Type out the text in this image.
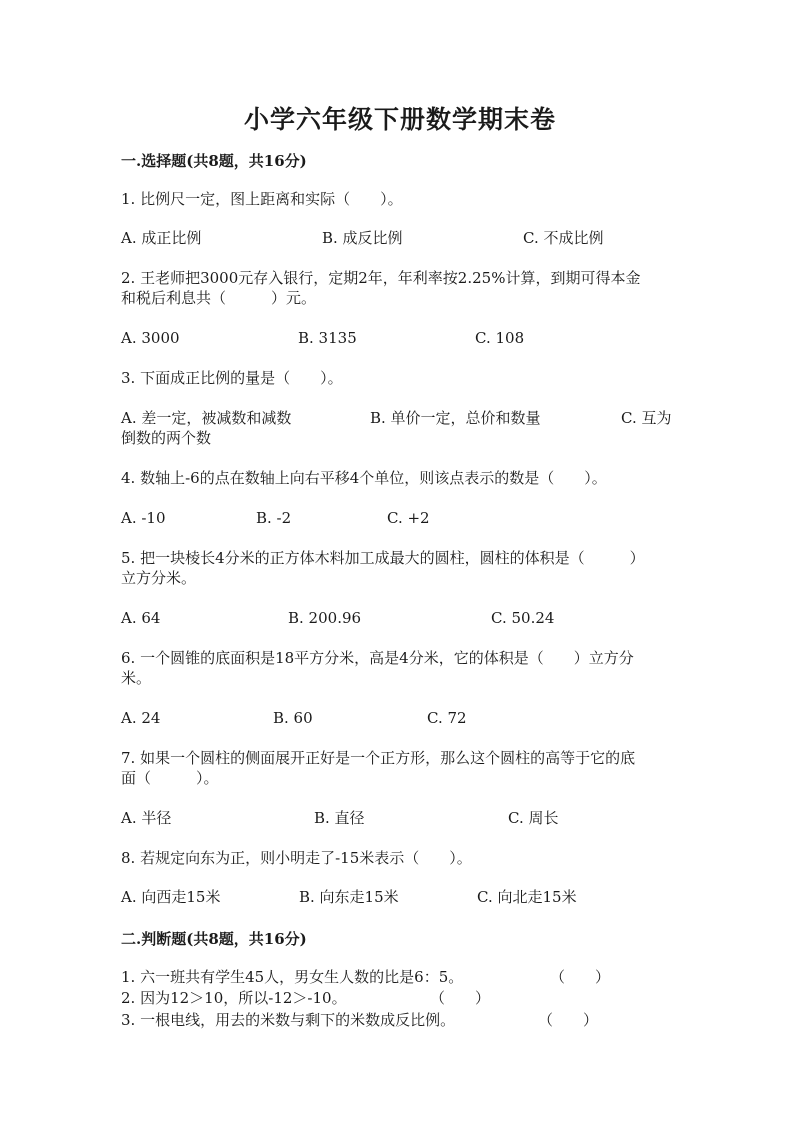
小学六年级下册数学期末卷
一.选择题(共8题，共16分)
1. 比例尺一定，图上距离和实际（　　）。
A. 成正比例	B. 成反比例	C. 不成比例
2. 王老师把3000元存入银行，定期2年，年利率按2.25%计算，到期可得本金
和税后利息共（　　　）元。
A. 3000	B. 3135	C. 108
3. 下面成正比例的量是（　　）。
A. 差一定，被减数和减数	B. 单价一定，总价和数量	C. 互为
倒数的两个数
4. 数轴上-6的点在数轴上向右平移4个单位，则该点表示的数是（　　）。
A. -10	B. -2	C. +2
5. 把一块棱长4分米的正方体木料加工成最大的圆柱，圆柱的体积是（　　　）
立方分米。
A. 64	B. 200.96	C. 50.24
6. 一个圆锥的底面积是18平方分米，高是4分米，它的体积是（　　）立方分
米。
A. 24	B. 60	C. 72
7. 如果一个圆柱的侧面展开正好是一个正方形，那么这个圆柱的高等于它的底
面（　　　）。
A. 半径	B. 直径	C. 周长
8. 若规定向东为正，则小明走了-15米表示（　　）。
A. 向西走15米	B. 向东走15米	C. 向北走15米
二.判断题(共8题，共16分)
1. 六一班共有学生45人，男女生人数的比是6：5。	（　　）
2. 因为12＞10，所以-12＞-10。	（　　）
3. 一根电线，用去的米数与剩下的米数成反比例。	（　　）
